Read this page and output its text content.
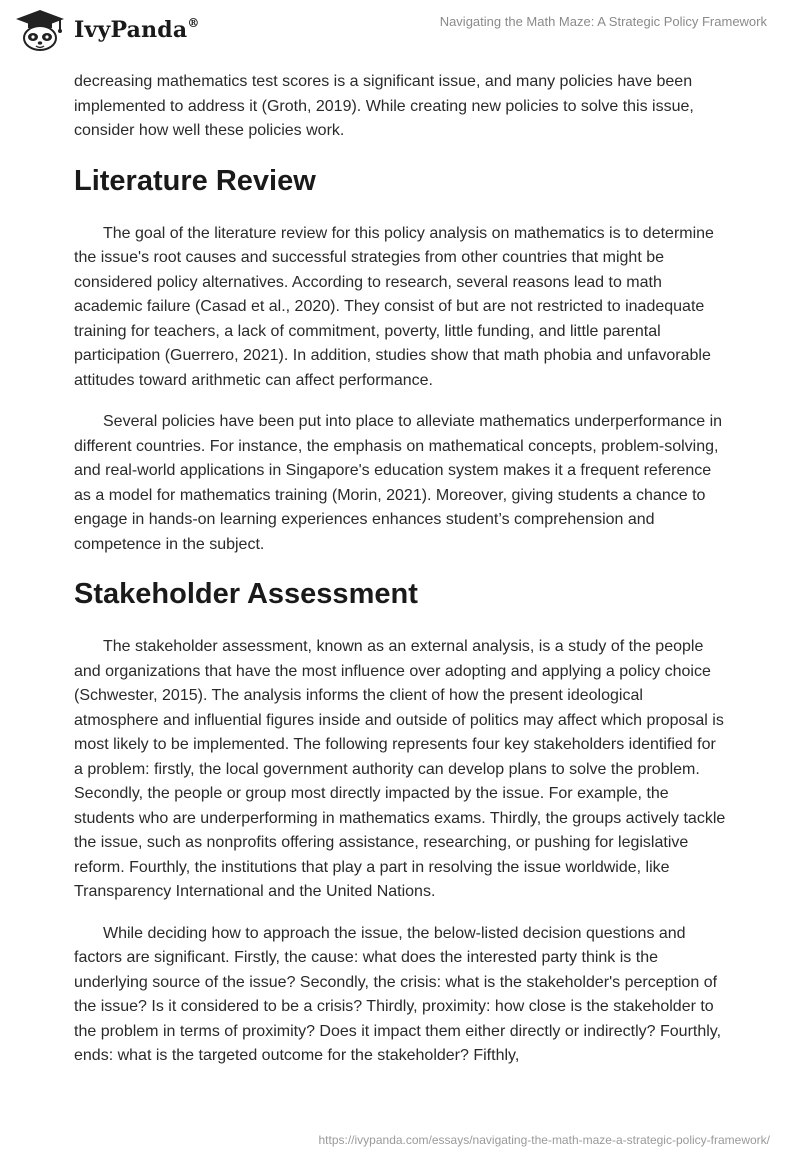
IvyPanda®	Navigating the Math Maze: A Strategic Policy Framework

decreasing mathematics test scores is a significant issue, and many policies have been implemented to address it (Groth, 2019). While creating new policies to solve this issue, consider how well these policies work.

Literature Review

The goal of the literature review for this policy analysis on mathematics is to determine the issue's root causes and successful strategies from other countries that might be considered policy alternatives. According to research, several reasons lead to math academic failure (Casad et al., 2020). They consist of but are not restricted to inadequate training for teachers, a lack of commitment, poverty, little funding, and little parental participation (Guerrero, 2021). In addition, studies show that math phobia and unfavorable attitudes toward arithmetic can affect performance.

Several policies have been put into place to alleviate mathematics underperformance in different countries. For instance, the emphasis on mathematical concepts, problem-solving, and real-world applications in Singapore's education system makes it a frequent reference as a model for mathematics training (Morin, 2021). Moreover, giving students a chance to engage in hands-on learning experiences enhances student’s comprehension and competence in the subject.

Stakeholder Assessment

The stakeholder assessment, known as an external analysis, is a study of the people and organizations that have the most influence over adopting and applying a policy choice (Schwester, 2015). The analysis informs the client of how the present ideological atmosphere and influential figures inside and outside of politics may affect which proposal is most likely to be implemented. The following represents four key stakeholders identified for a problem: firstly, the local government authority can develop plans to solve the problem. Secondly, the people or group most directly impacted by the issue. For example, the students who are underperforming in mathematics exams. Thirdly, the groups actively tackle the issue, such as nonprofits offering assistance, researching, or pushing for legislative reform. Fourthly, the institutions that play a part in resolving the issue worldwide, like Transparency International and the United Nations.

While deciding how to approach the issue, the below-listed decision questions and factors are significant. Firstly, the cause: what does the interested party think is the underlying source of the issue? Secondly, the crisis: what is the stakeholder's perception of the issue? Is it considered to be a crisis? Thirdly, proximity: how close is the stakeholder to the problem in terms of proximity? Does it impact them either directly or indirectly? Fourthly, ends: what is the targeted outcome for the stakeholder? Fifthly,

https://ivypanda.com/essays/navigating-the-math-maze-a-strategic-policy-framework/
